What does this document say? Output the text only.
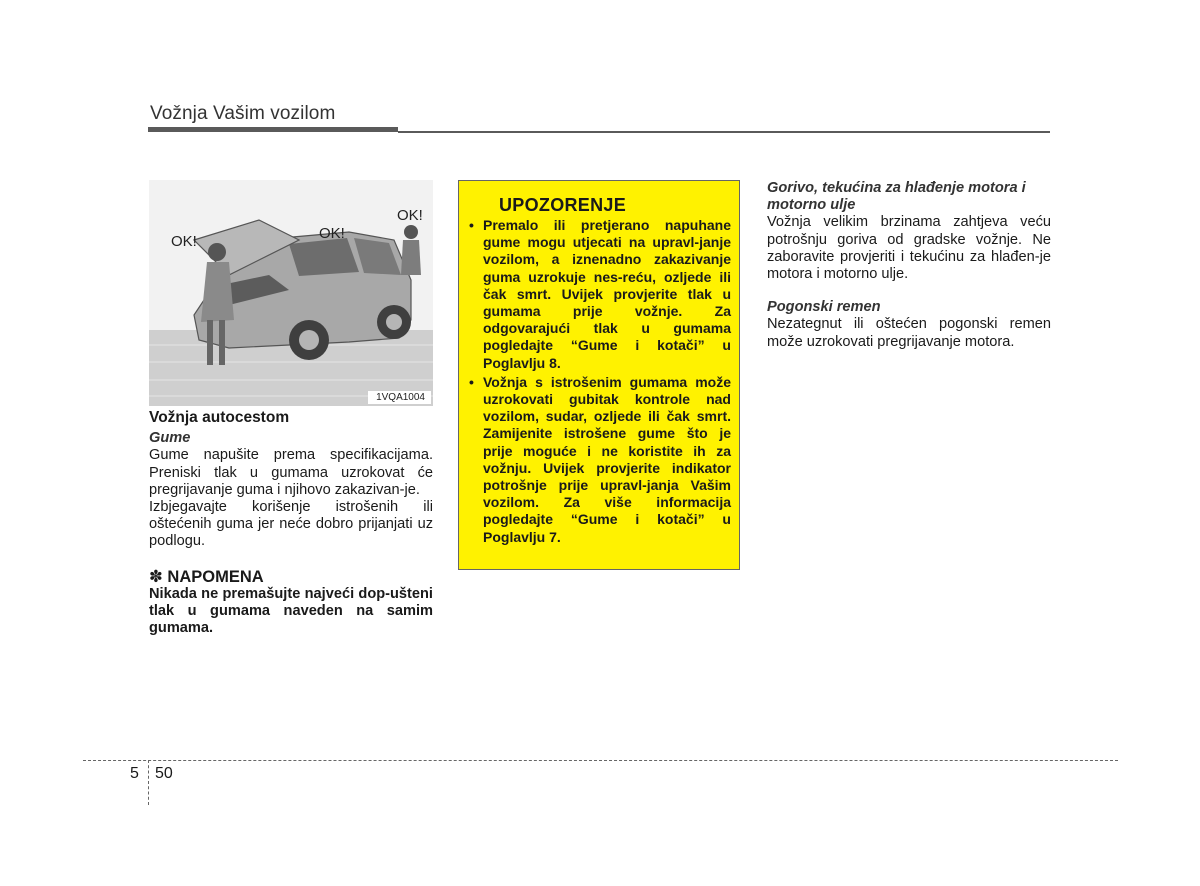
Vožnja Vašim vozilom
OK!	OK!
OK!
1VQA1004
Vožnja autocestom
Gume
Gume napušite prema specifikacijama. Preniski tlak u gumama uzrokovat će pregrijavanje guma i njihovo zakazivan-je.
Izbjegavajte korišenje istrošenih ili oštećenih guma jer neće dobro prijanjati uz podlogu.
✽ NAPOMENA
Nikada ne premašujte najveći dop-ušteni tlak u gumama naveden na samim gumama.
UPOZORENJE
• Premalo ili pretjerano napuhane gume mogu utjecati na upravl-janje vozilom, a iznenadno zakazivanje guma uzrokuje nes-reću, ozljede ili čak smrt. Uvijek provjerite tlak u gumama prije vožnje. Za odgovarajući tlak u gumama pogledajte “Gume i kotači” u Poglavlju 8.
• Vožnja s istrošenim gumama može uzrokovati gubitak kontrole nad vozilom, sudar, ozljede ili čak smrt. Zamijenite istrošene gume što je prije moguće i ne koristite ih za vožnju. Uvijek provjerite indikator potrošnje prije upravl-janja Vašim vozilom. Za više informacija pogledajte “Gume i kotači” u Poglavlju 7.
Gorivo, tekućina za hlađenje motora i motorno ulje
Vožnja velikim brzinama zahtjeva veću potrošnju goriva od gradske vožnje. Ne zaboravite provjeriti i tekućinu za hlađen-je motora i motorno ulje.
Pogonski remen
Nezategnut ili oštećen pogonski remen može uzrokovati pregrijavanje motora.
5 50
